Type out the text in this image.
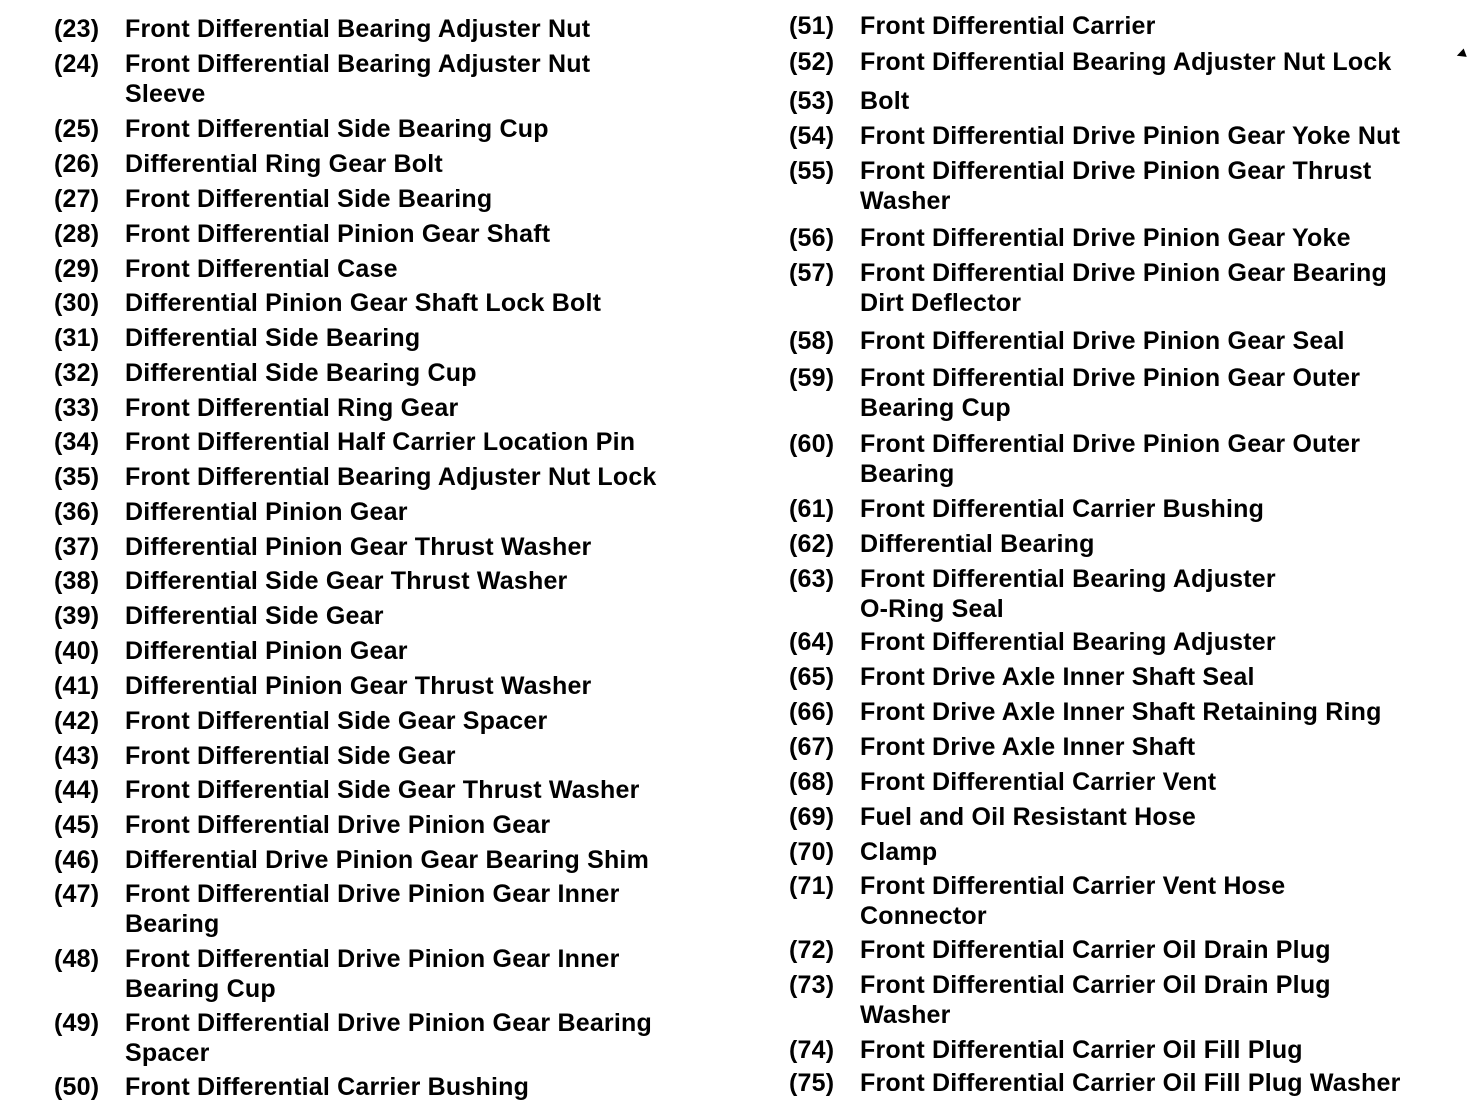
(23)	Front Differential Bearing Adjuster Nut
(24)	Front Differential Bearing Adjuster Nut
Sleeve
(25)	Front Differential Side Bearing Cup
(26)	Differential Ring Gear Bolt
(27)	Front Differential Side Bearing
(28)	Front Differential Pinion Gear Shaft
(29)	Front Differential Case
(30)	Differential Pinion Gear Shaft Lock Bolt
(31)	Differential Side Bearing
(32)	Differential Side Bearing Cup
(33)	Front Differential Ring Gear
(34)	Front Differential Half Carrier Location Pin
(35)	Front Differential Bearing Adjuster Nut Lock
(36)	Differential Pinion Gear
(37)	Differential Pinion Gear Thrust Washer
(38)	Differential Side Gear Thrust Washer
(39)	Differential Side Gear
(40)	Differential Pinion Gear
(41)	Differential Pinion Gear Thrust Washer
(42)	Front Differential Side Gear Spacer
(43)	Front Differential Side Gear
(44)	Front Differential Side Gear Thrust Washer
(45)	Front Differential Drive Pinion Gear
(46)	Differential Drive Pinion Gear Bearing Shim
(47)	Front Differential Drive Pinion Gear Inner
Bearing
(48)	Front Differential Drive Pinion Gear Inner
Bearing Cup
(49)	Front Differential Drive Pinion Gear Bearing
Spacer
(50)	Front Differential Carrier Bushing
(51)	Front Differential Carrier
(52)	Front Differential Bearing Adjuster Nut Lock
(53)	Bolt
(54)	Front Differential Drive Pinion Gear Yoke Nut
(55)	Front Differential Drive Pinion Gear Thrust
Washer
(56)	Front Differential Drive Pinion Gear Yoke
(57)	Front Differential Drive Pinion Gear Bearing
Dirt Deflector
(58)	Front Differential Drive Pinion Gear Seal
(59)	Front Differential Drive Pinion Gear Outer
Bearing Cup
(60)	Front Differential Drive Pinion Gear Outer
Bearing
(61)	Front Differential Carrier Bushing
(62)	Differential Bearing
(63)	Front Differential Bearing Adjuster
O-Ring Seal
(64)	Front Differential Bearing Adjuster
(65)	Front Drive Axle Inner Shaft Seal
(66)	Front Drive Axle Inner Shaft Retaining Ring
(67)	Front Drive Axle Inner Shaft
(68)	Front Differential Carrier Vent
(69)	Fuel and Oil Resistant Hose
(70)	Clamp
(71)	Front Differential Carrier Vent Hose
Connector
(72)	Front Differential Carrier Oil Drain Plug
(73)	Front Differential Carrier Oil Drain Plug
Washer
(74)	Front Differential Carrier Oil Fill Plug
(75)	Front Differential Carrier Oil Fill Plug Washer
◂
